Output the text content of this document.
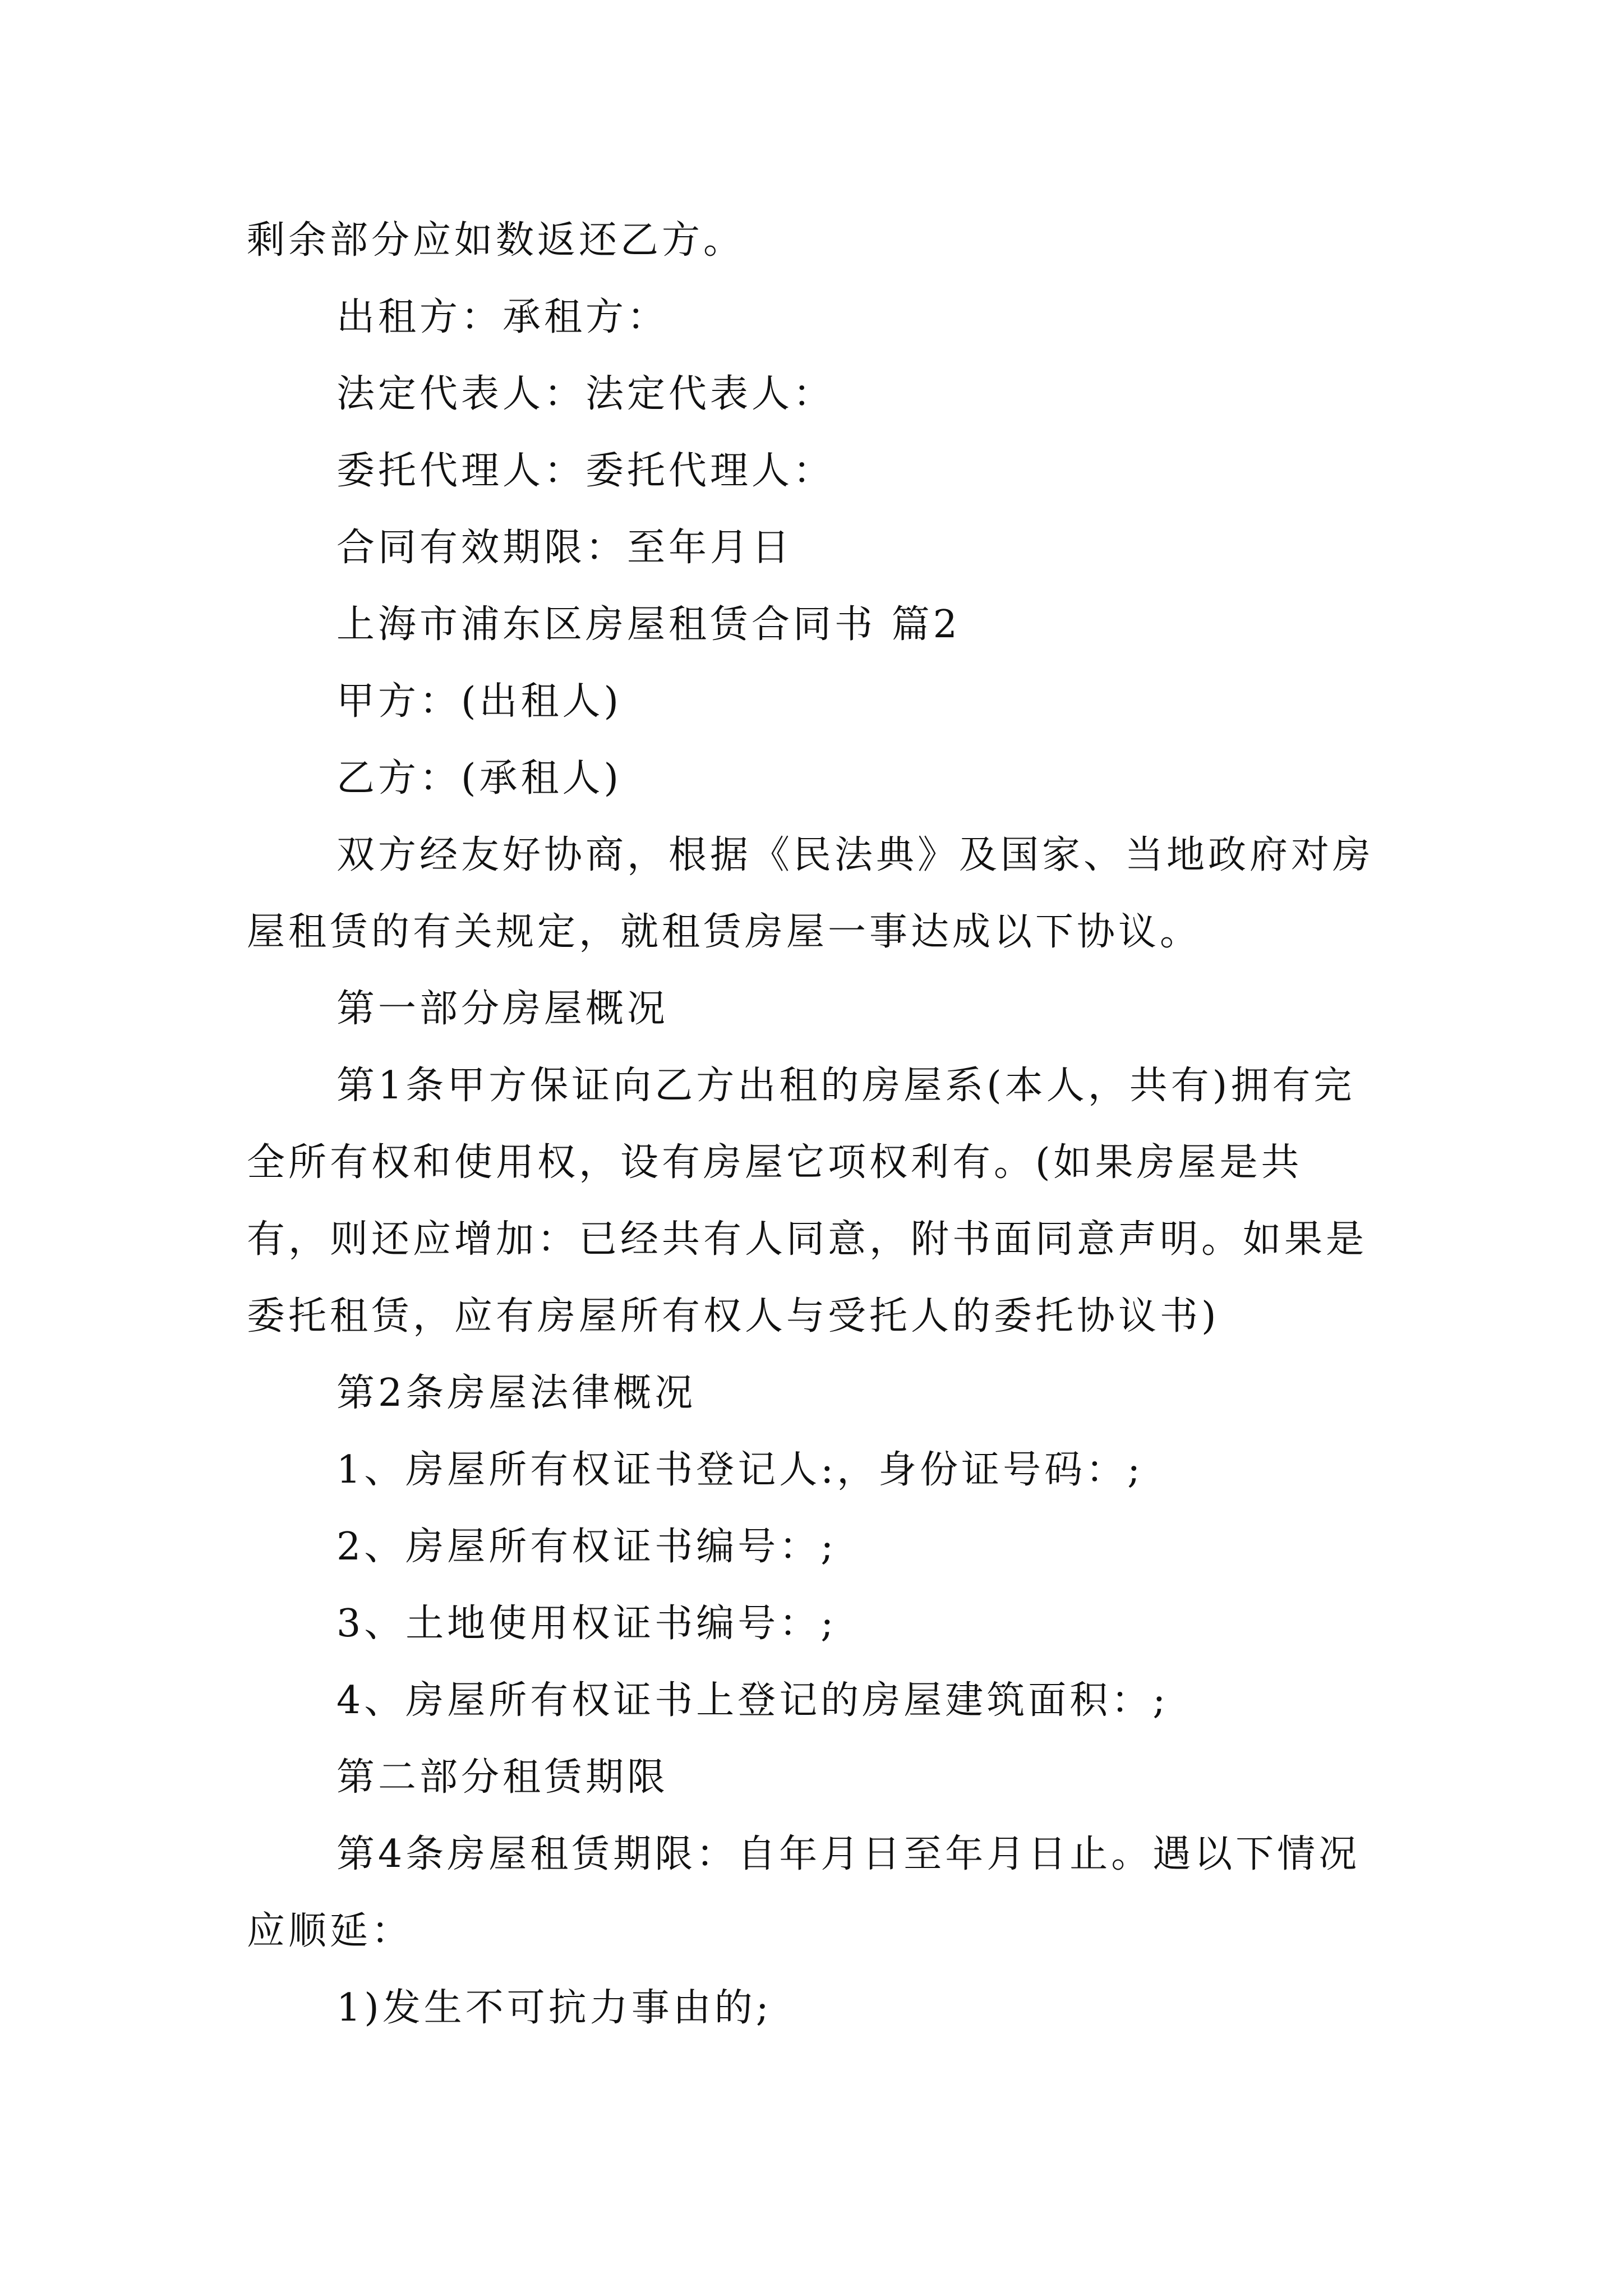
剩余部分应如数返还乙方。

出租方：承租方：

法定代表人：法定代表人：

委托代理人：委托代理人：

合同有效期限：至年月日

上海市浦东区房屋租赁合同书 篇2

甲方：(出租人)

乙方：(承租人)

双方经友好协商，根据《民法典》及国家、当地政府对房屋租赁的有关规定，就租赁房屋一事达成以下协议。

第一部分房屋概况

第1条甲方保证向乙方出租的房屋系(本人，共有)拥有完全所有权和使用权，设有房屋它项权利有。(如果房屋是共有，则还应增加：已经共有人同意，附书面同意声明。如果是委托租赁，应有房屋所有权人与受托人的委托协议书)

第2条房屋法律概况

1、房屋所有权证书登记人:，身份证号码：;

2、房屋所有权证书编号：;

3、土地使用权证书编号：;

4、房屋所有权证书上登记的房屋建筑面积：;

第二部分租赁期限

第4条房屋租赁期限：自年月日至年月日止。遇以下情况应顺延：

1)发生不可抗力事由的;
